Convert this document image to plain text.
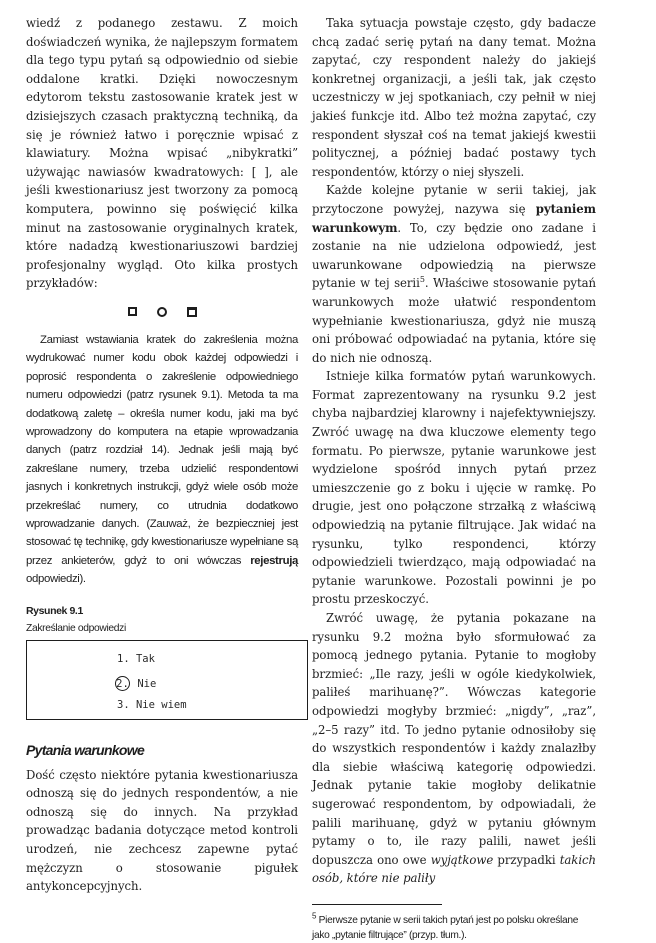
wiedź z podanego zestawu. Z moich doświadczeń wynika, że najlepszym formatem dla tego typu pytań są odpowiednio od siebie oddalone kratki. Dzięki nowoczesnym edytorom tekstu zastosowanie kratek jest w dzisiejszych czasach praktyczną techniką, da się je również łatwo i poręcznie wpisać z klawiatury. Można wpisać „nibykratki” używając nawiasów kwadratowych: [ ], ale jeśli kwestionariusz jest tworzony za pomocą komputera, powinno się poświęcić kilka minut na zastosowanie oryginalnych kratek, które nadadzą kwestionariuszowi bardziej profesjonalny wygląd. Oto kilka prostych przykładów:

Zamiast wstawiania kratek do zakreślenia można wydrukować numer kodu obok każdej odpowiedzi i poprosić respondenta o zakreślenie odpowiedniego numeru odpowiedzi (patrz rysunek 9.1). Metoda ta ma dodatkową zaletę – określa numer kodu, jaki ma być wprowadzony do komputera na etapie wprowadzania danych (patrz rozdział 14). Jednak jeśli mają być zakreślane numery, trzeba udzielić respondentowi jasnych i konkretnych instrukcji, gdyż wiele osób może przekreślać numery, co utrudnia dodatkowo wprowadzanie danych. (Zauważ, że bezpieczniej jest stosować tę technikę, gdy kwestionariusze wypełniane są przez ankieterów, gdyż to oni wówczas rejestrują odpowiedzi).

Rysunek 9.1
Zakreślanie odpowiedzi
1. Tak
2. Nie
3. Nie wiem
Pytania warunkowe

Dość często niektóre pytania kwestionariusza odnoszą się do jednych respondentów, a nie odnoszą się do innych. Na przykład prowadząc badania dotyczące metod kontroli urodzeń, nie zechcesz zapewne pytać mężczyzn o stosowanie pigułek antykoncepcyjnych.

Taka sytuacja powstaje często, gdy badacze chcą zadać serię pytań na dany temat. Można zapytać, czy respondent należy do jakiejś konkretnej organizacji, a jeśli tak, jak często uczestniczy w jej spotkaniach, czy pełnił w niej jakieś funkcje itd. Albo też można zapytać, czy respondent słyszał coś na temat jakiejś kwestii politycznej, a później badać postawy tych respondentów, którzy o niej słyszeli.

Każde kolejne pytanie w serii takiej, jak przytoczone powyżej, nazywa się pytaniem warunkowym. To, czy będzie ono zadane i zostanie na nie udzielona odpowiedź, jest uwarunkowane odpowiedzią na pierwsze pytanie w tej serii$^5$. Właściwe stosowanie pytań warunkowych może ułatwić respondentom wypełnianie kwestionariusza, gdyż nie muszą oni próbować odpowiadać na pytania, które się do nich nie odnoszą.

Istnieje kilka formatów pytań warunkowych. Format zaprezentowany na rysunku 9.2 jest chyba najbardziej klarowny i najefektywniejszy. Zwróć uwagę na dwa kluczowe elementy tego formatu. Po pierwsze, pytanie warunkowe jest wydzielone spośród innych pytań przez umieszczenie go z boku i ujęcie w ramkę. Po drugie, jest ono połączone strzałką z właściwą odpowiedzią na pytanie filtrujące. Jak widać na rysunku, tylko respondenci, którzy odpowiedzieli twierdząco, mają odpowiadać na pytanie warunkowe. Pozostali powinni je po prostu przeskoczyć.

Zwróć uwagę, że pytania pokazane na rysunku 9.2 można było sformułować za pomocą jednego pytania. Pytanie to mogłoby brzmieć: „Ile razy, jeśli w ogóle kiedykolwiek, paliłeś marihuanę?”. Wówczas kategorie odpowiedzi mogłyby brzmieć: „nigdy”, „raz”, „2–5 razy” itd. To jedno pytanie odnosiłoby się do wszystkich respondentów i każdy znalazłby dla siebie właściwą kategorię odpowiedzi. Jednak pytanie takie mogłoby delikatnie sugerować respondentom, by odpowiadali, że palili marihuanę, gdyż w pytaniu głównym pytamy o to, ile razy palili, nawet jeśli dopuszcza ono owe wyjątkowe przypadki takich osób, które nie paliły

$^5$ Pierwsze pytanie w serii takich pytań jest po polsku określane jako „pytanie filtrujące” (przyp. tłum.).
